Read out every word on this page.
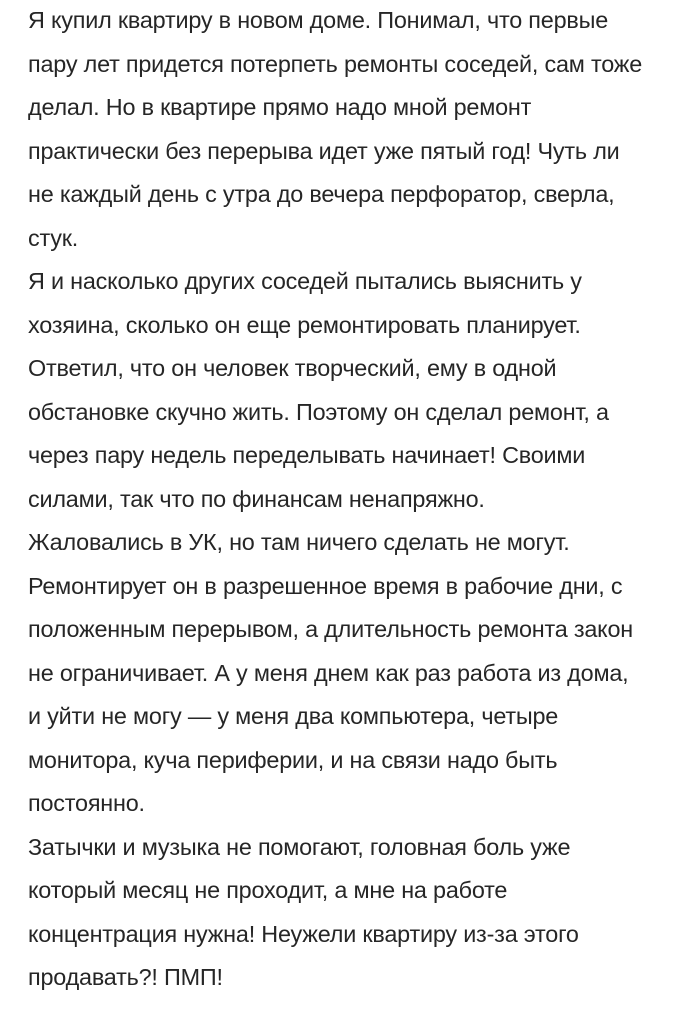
Я купил квартиру в новом доме. Понимал, что первые
пару лет придется потерпеть ремонты соседей, сам тоже
делал. Но в квартире прямо надо мной ремонт
практически без перерыва идет уже пятый год! Чуть ли
не каждый день с утра до вечера перфоратор, сверла,
стук.
Я и насколько других соседей пытались выяснить у
хозяина, сколько он еще ремонтировать планирует.
Ответил, что он человек творческий, ему в одной
обстановке скучно жить. Поэтому он сделал ремонт, а
через пару недель переделывать начинает! Своими
силами, так что по финансам ненапряжно.
Жаловались в УК, но там ничего сделать не могут.
Ремонтирует он в разрешенное время в рабочие дни, с
положенным перерывом, а длительность ремонта закон
не ограничивает. А у меня днем как раз работа из дома,
и уйти не могу — у меня два компьютера, четыре
монитора, куча периферии, и на связи надо быть
постоянно.
Затычки и музыка не помогают, головная боль уже
который месяц не проходит, а мне на работе
концентрация нужна! Неужели квартиру из-за этого
продавать?! ПМП!
